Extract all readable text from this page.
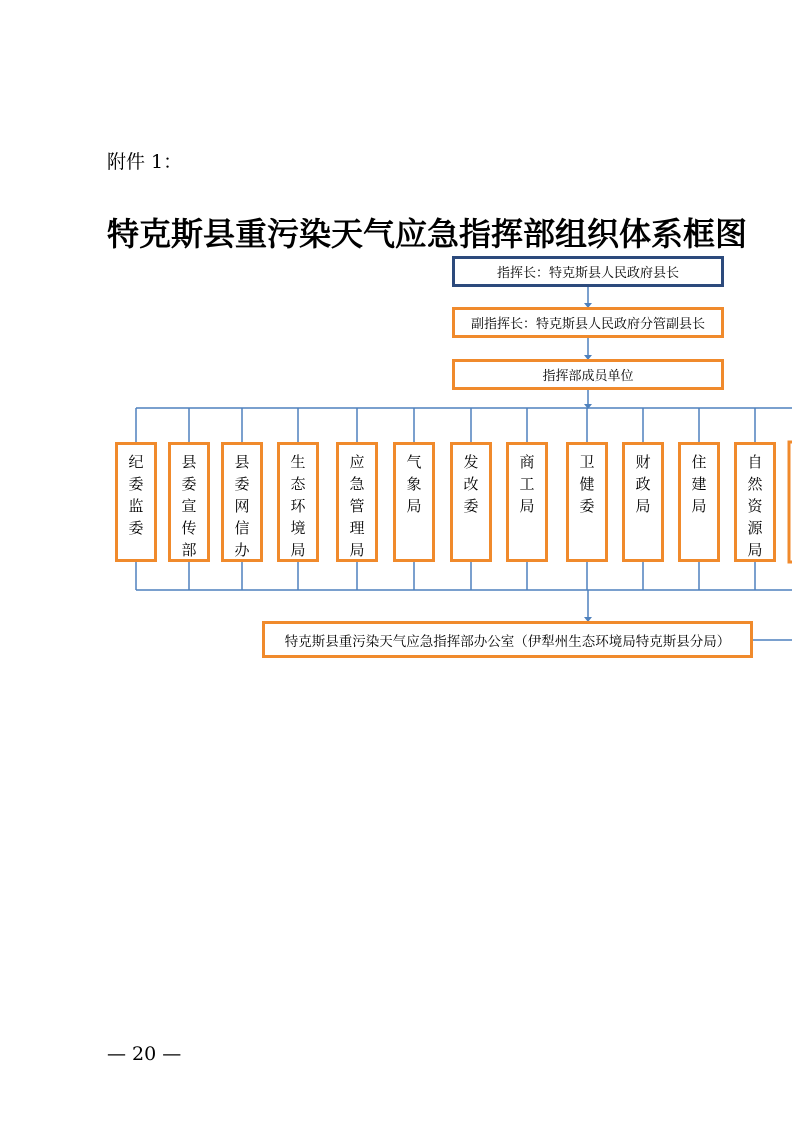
附件 1：
特克斯县重污染天气应急指挥部组织体系框图
指挥长：特克斯县人民政府县长
副指挥长：特克斯县人民政府分管副县长
指挥部成员单位
纪委监委
县委宣传部
县委网信办
生态环境局
应急管理局
气象局
发改委
商工局
卫健委
财政局
住建局
自然资源局
特克斯县重污染天气应急指挥部办公室（伊犁州生态环境局特克斯县分局）
— 20 —
